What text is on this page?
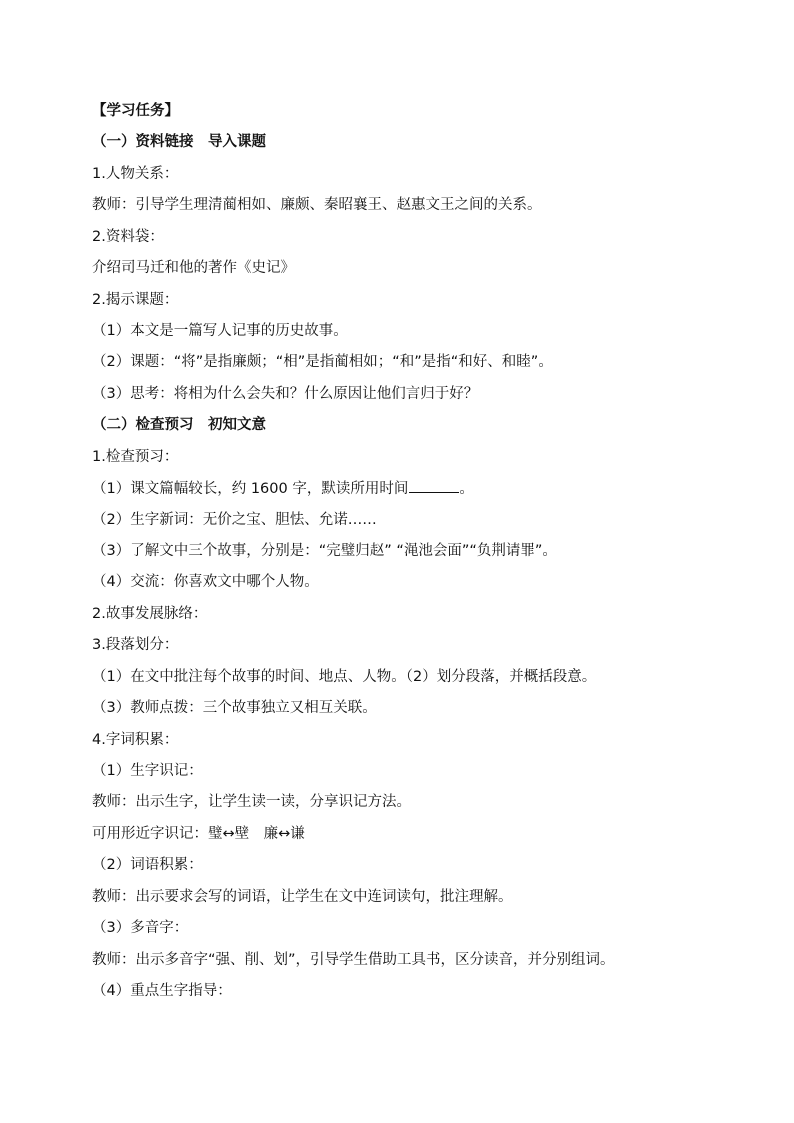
【学习任务】
（一）资料链接　导入课题
1.人物关系：
教师：引导学生理清蔺相如、廉颇、秦昭襄王、赵惠文王之间的关系。
2.资料袋：
介绍司马迁和他的著作《史记》
2.揭示课题：
（1）本文是一篇写人记事的历史故事。
（2）课题：“将”是指廉颇；“相”是指蔺相如；“和”是指“和好、和睦”。
（3）思考：将相为什么会失和？什么原因让他们言归于好？
（二）检查预习　初知文意
1.检查预习：
（1）课文篇幅较长，约 1600 字，默读所用时间	。
（2）生字新词：无价之宝、胆怯、允诺……
（3）了解文中三个故事，分别是：“完璧归赵” “渑池会面”“负荆请罪”。
（4）交流：你喜欢文中哪个人物。
2.故事发展脉络：
3.段落划分：
（1）在文中批注每个故事的时间、地点、人物。（2）划分段落，并概括段意。
（3）教师点拨：三个故事独立又相互关联。
4.字词积累：
（1）生字识记：
教师：出示生字，让学生读一读，分享识记方法。
可用形近字识记：璧↔壁　廉↔谦
（2）词语积累：
教师：出示要求会写的词语，让学生在文中连词读句，批注理解。
（3）多音字：
教师：出示多音字“强、削、划”，引导学生借助工具书，区分读音，并分别组词。
（4）重点生字指导：
